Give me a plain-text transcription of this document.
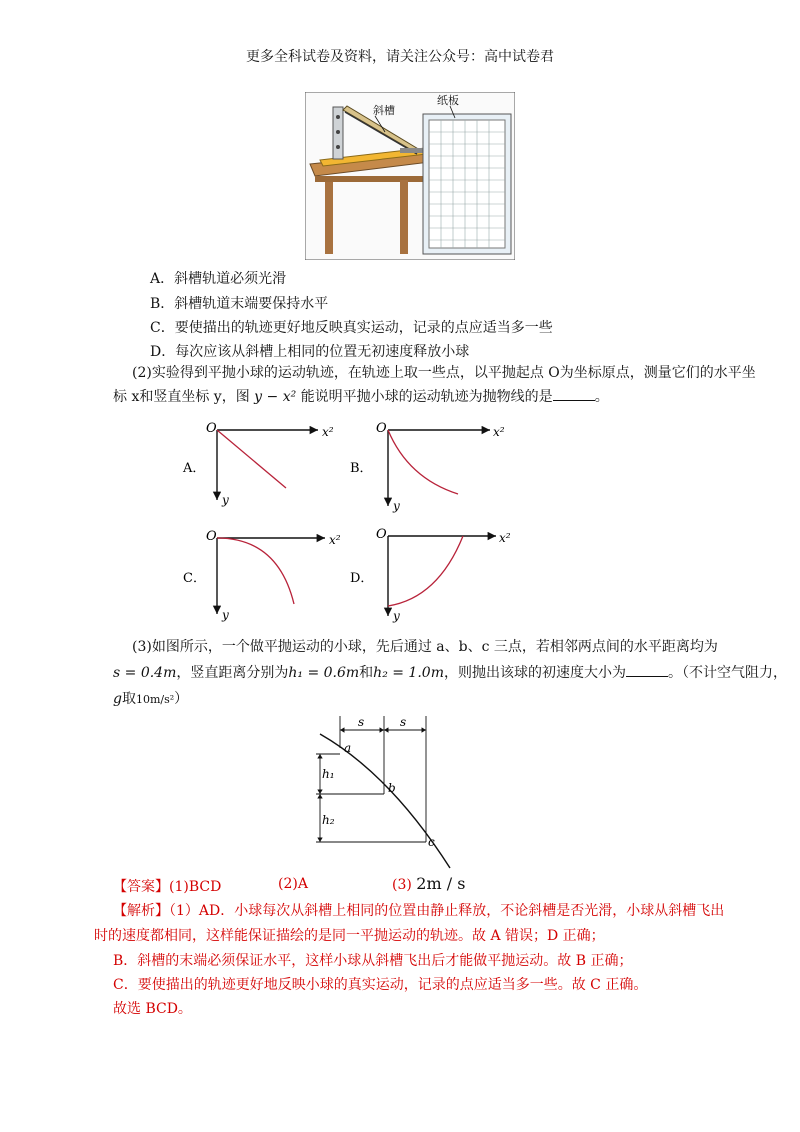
更多全科试卷及资料，请关注公众号：高中试卷君
斜槽
纸板
A．斜槽轨道必须光滑
B．斜槽轨道末端要保持水平
C．要使描出的轨迹更好地反映真实运动，记录的点应适当多一些
D．每次应该从斜槽上相同的位置无初速度释放小球
(2)实验得到平抛小球的运动轨迹，在轨迹上取一些点，以平抛起点 O为坐标原点，测量它们的水平坐
标 x和竖直坐标 y，图 y − x² 能说明平抛小球的运动轨迹为抛物线的是	。
O	x²
y
A．
O	x²
y
B．
O	x²
y
C．
O	x²
y
D．
(3)如图所示，一个做平抛运动的小球，先后通过 a、b、c 三点，若相邻两点间的水平距离均为
s = 0.4m，竖直距离分别为h₁ = 0.6m和h₂ = 1.0m，则抛出该球的初速度大小为	。（不计空气阻力，
g取10m/s²）
s	s
h₁
h₂
a
b
c
【答案】(1)BCD	(2)A	(3) 2m / s
【解析】（1）AD．小球每次从斜槽上相同的位置由静止释放，不论斜槽是否光滑，小球从斜槽飞出
时的速度都相同，这样能保证描绘的是同一平抛运动的轨迹。故 A 错误；D 正确；
B．斜槽的末端必须保证水平，这样小球从斜槽飞出后才能做平抛运动。故 B 正确；
C．要使描出的轨迹更好地反映小球的真实运动，记录的点应适当多一些。故 C 正确。
故选 BCD。
